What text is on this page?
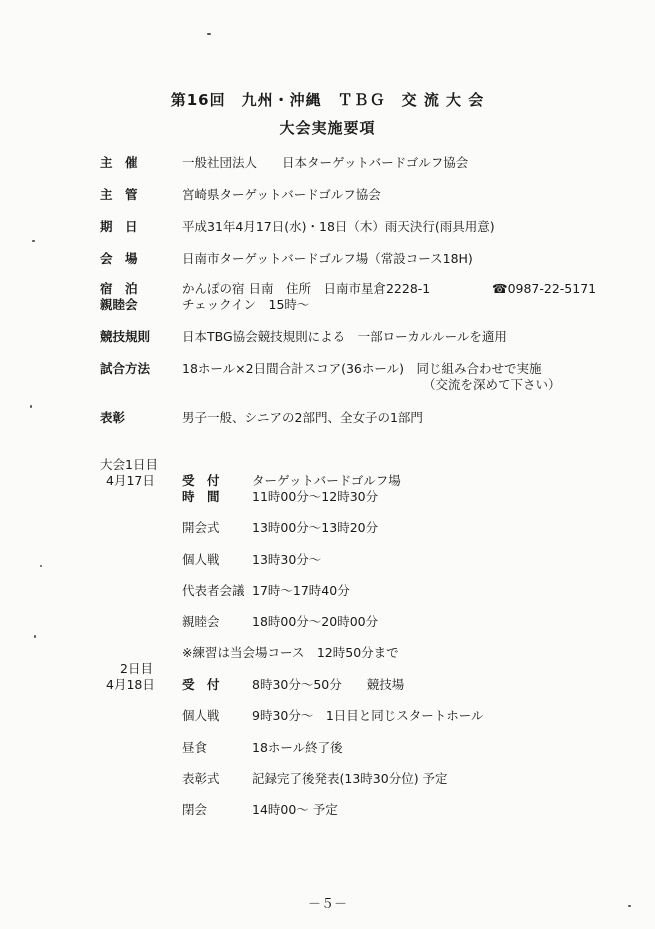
第16回　九州・沖縄　ＴＢＧ　交 流 大 会
大会実施要項
主　催	一般社団法人　　日本ターゲットバードゴルフ協会
主　管	宮崎県ターゲットバードゴルフ協会
期　日	平成31年4月17日(水)・18日（木）雨天決行(雨具用意)
会　場	日南市ターゲットバードゴルフ場（常設コース18H)
宿　泊	かんぽの宿 日南　住所　日南市星倉2228-1	☎0987-22-5171
親睦会	チェックイン　15時～
競技規則	日本TBG協会競技規則による　一部ローカルルールを適用
試合方法	18ホール×2日間合計スコア(36ホール)　同じ組み合わせで実施
（交流を深めて下さい）
表彰	男子一般、シニアの2部門、全女子の1部門
大会1日目
4月17日 受　付	ターゲットバードゴルフ場
時　間	11時00分～12時30分
開会式	13時00分～13時20分
個人戦	13時30分～
代表者会議 17時～17時40分
親睦会	18時00分～20時00分
※練習は当会場コース　12時50分まで
2日目
4月18日 受　付	8時30分～50分　　競技場
個人戦	9時30分～　1日目と同じスタートホール
昼食	18ホール終了後
表彰式	記録完了後発表(13時30分位) 予定
閉会	14時00～ 予定
－５－
